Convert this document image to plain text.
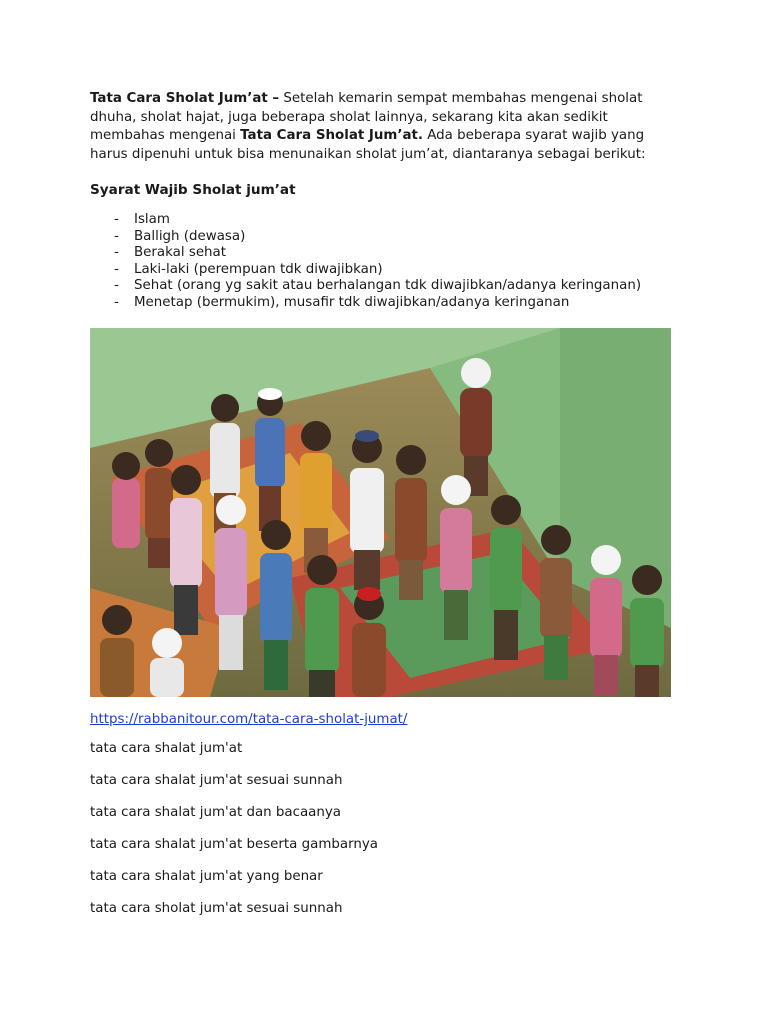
Tata Cara Sholat Jum’at – Setelah kemarin sempat membahas mengenai sholat dhuha, sholat hajat, juga beberapa sholat lainnya, sekarang kita akan sedikit membahas mengenai Tata Cara Sholat Jum’at. Ada beberapa syarat wajib yang harus dipenuhi untuk bisa menunaikan sholat jum’at, diantaranya sebagai berikut:

Syarat Wajib Sholat jum’at

- Islam
- Balligh (dewasa)
- Berakal sehat
- Laki-laki (perempuan tdk diwajibkan)
- Sehat (orang yg sakit atau berhalangan tdk diwajibkan/adanya keringanan)
- Menetap (bermukim), musafir tdk diwajibkan/adanya keringanan
https://rabbanitour.com/tata-cara-sholat-jumat/

tata cara shalat jum'at

tata cara shalat jum'at sesuai sunnah

tata cara shalat jum'at dan bacaanya

tata cara shalat jum'at beserta gambarnya

tata cara shalat jum'at yang benar

tata cara sholat jum'at sesuai sunnah
